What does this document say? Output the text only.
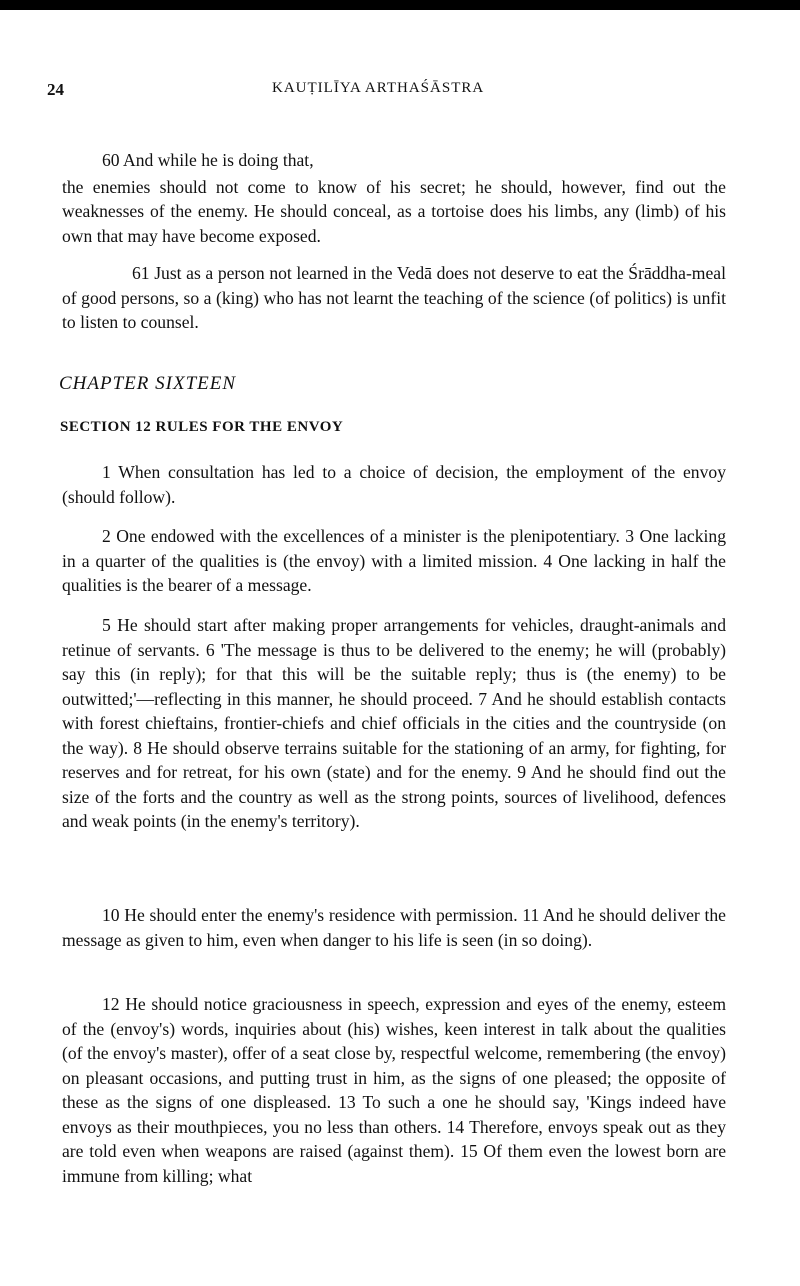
24	KAUṬILĪYA ARTHAŚĀSTRA

60 And while he is doing that,

the enemies should not come to know of his secret; he should, however, find out the weaknesses of the enemy. He should conceal, as a tortoise does his limbs, any (limb) of his own that may have become exposed.

61 Just as a person not learned in the Vedā does not deserve to eat the Śrāddha-meal of good persons, so a (king) who has not learnt the teaching of the science (of politics) is unfit to listen to counsel.

CHAPTER SIXTEEN
SECTION 12 RULES FOR THE ENVOY

1 When consultation has led to a choice of decision, the employment of the envoy (should follow).

2 One endowed with the excellences of a minister is the plenipotentiary. 3 One lacking in a quarter of the qualities is (the envoy) with a limited mission. 4 One lacking in half the qualities is the bearer of a message.

5 He should start after making proper arrangements for vehicles, draught-animals and retinue of servants. 6 'The message is thus to be delivered to the enemy; he will (probably) say this (in reply); for that this will be the suitable reply; thus is (the enemy) to be outwitted;'—reflecting in this manner, he should proceed. 7 And he should establish contacts with forest chieftains, frontier-chiefs and chief officials in the cities and the countryside (on the way). 8 He should observe terrains suitable for the stationing of an army, for fighting, for reserves and for retreat, for his own (state) and for the enemy. 9 And he should find out the size of the forts and the country as well as the strong points, sources of livelihood, defences and weak points (in the enemy's territory).

10 He should enter the enemy's residence with permission. 11 And he should deliver the message as given to him, even when danger to his life is seen (in so doing).

12 He should notice graciousness in speech, expression and eyes of the enemy, esteem of the (envoy's) words, inquiries about (his) wishes, keen interest in talk about the qualities (of the envoy's master), offer of a seat close by, respectful welcome, remembering (the envoy) on pleasant occasions, and putting trust in him, as the signs of one pleased; the opposite of these as the signs of one displeased. 13 To such a one he should say, 'Kings indeed have envoys as their mouthpieces, you no less than others. 14 Therefore, envoys speak out as they are told even when weapons are raised (against them). 15 Of them even the lowest born are immune from killing; what
